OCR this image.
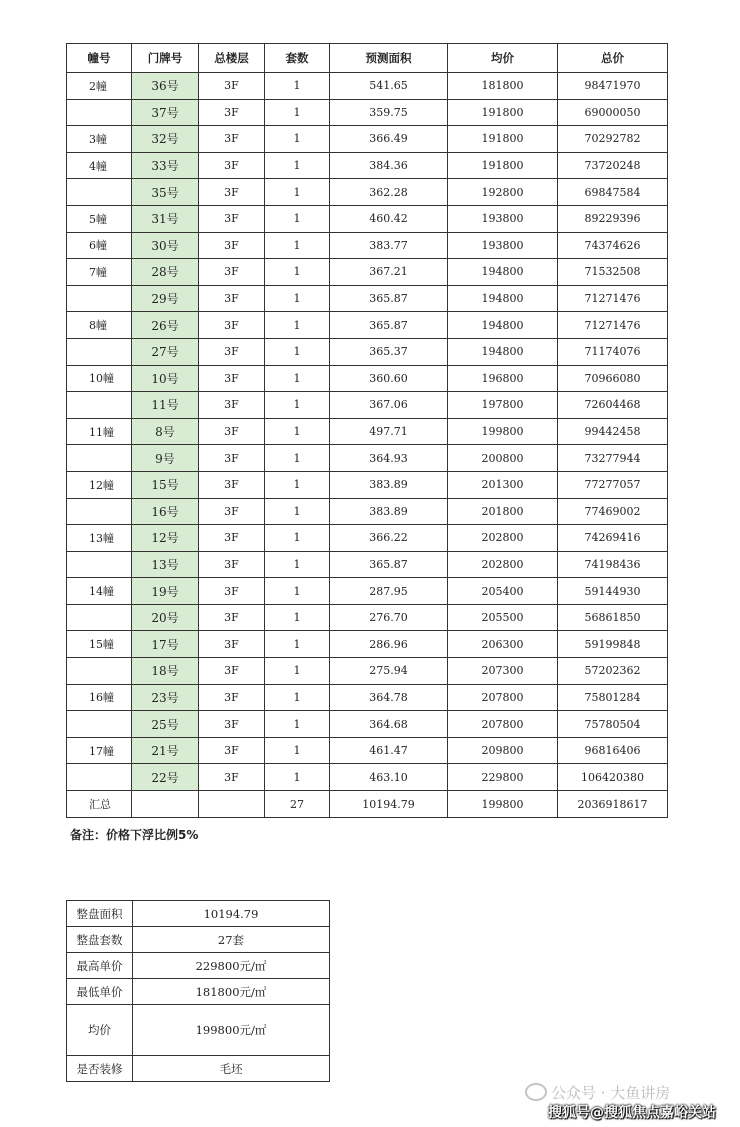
幢号	门牌号	总楼层	套数	预测面积	均价	总价
2幢	36号	3F	1	541.65	181800	98471970
	37号	3F	1	359.75	191800	69000050
3幢	32号	3F	1	366.49	191800	70292782
4幢	33号	3F	1	384.36	191800	73720248
	35号	3F	1	362.28	192800	69847584
5幢	31号	3F	1	460.42	193800	89229396
6幢	30号	3F	1	383.77	193800	74374626
7幢	28号	3F	1	367.21	194800	71532508
	29号	3F	1	365.87	194800	71271476
8幢	26号	3F	1	365.87	194800	71271476
	27号	3F	1	365.37	194800	71174076
10幢	10号	3F	1	360.60	196800	70966080
	11号	3F	1	367.06	197800	72604468
11幢	8号	3F	1	497.71	199800	99442458
	9号	3F	1	364.93	200800	73277944
12幢	15号	3F	1	383.89	201300	77277057
	16号	3F	1	383.89	201800	77469002
13幢	12号	3F	1	366.22	202800	74269416
	13号	3F	1	365.87	202800	74198436
14幢	19号	3F	1	287.95	205400	59144930
	20号	3F	1	276.70	205500	56861850
15幢	17号	3F	1	286.96	206300	59199848
	18号	3F	1	275.94	207300	57202362
16幢	23号	3F	1	364.78	207800	75801284
	25号	3F	1	364.68	207800	75780504
17幢	21号	3F	1	461.47	209800	96816406
	22号	3F	1	463.10	229800	106420380
汇总			27	10194.79	199800	2036918617
备注：价格下浮比例5%
整盘面积	10194.79
整盘套数	27套
最高单价	229800元/㎡
最低单价	181800元/㎡
均价	199800元/㎡
是否装修	毛坯
公众号 · 大鱼讲房
搜狐号@搜狐焦点嘉峪关站
